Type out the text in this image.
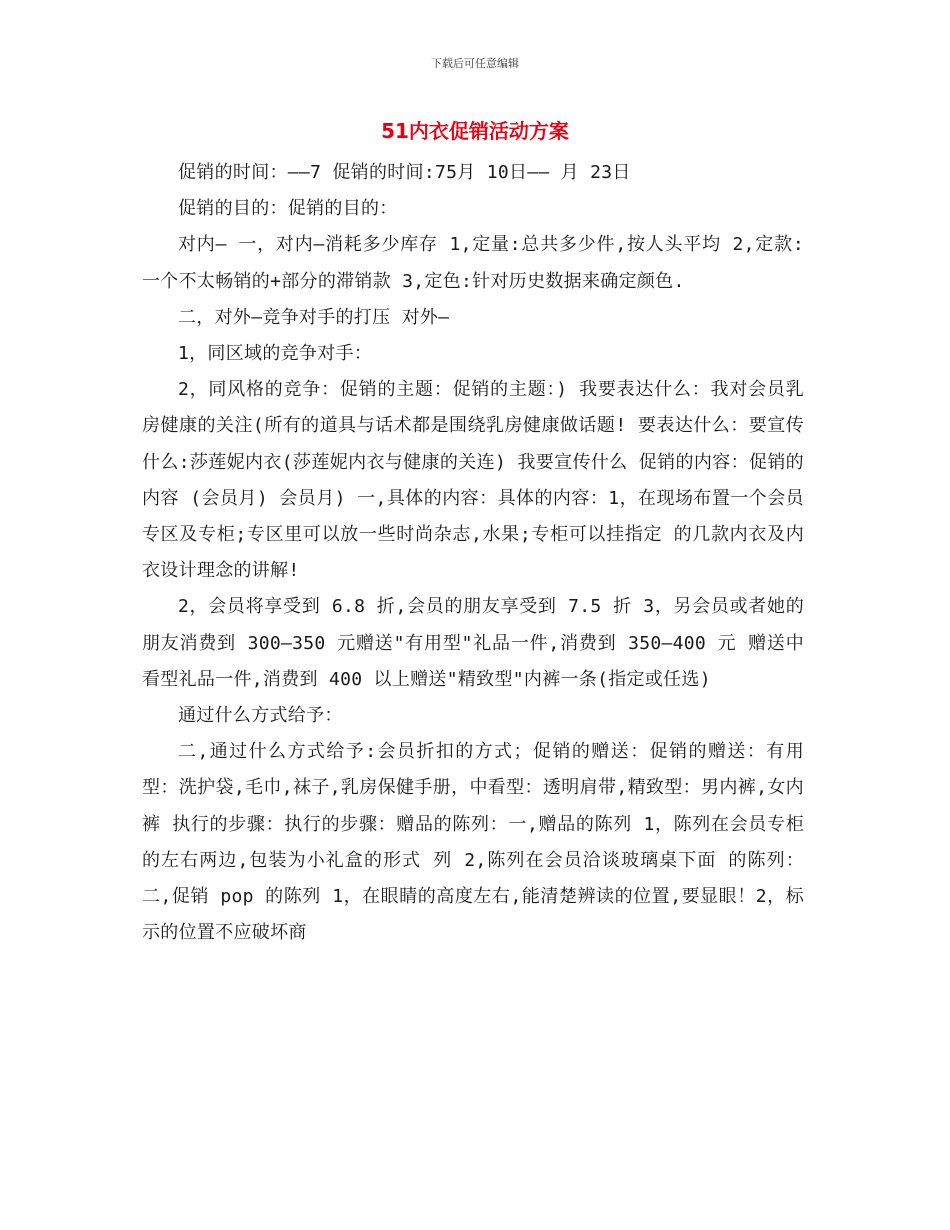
下载后可任意编辑
51内衣促销活动方案

促销的时间：——7 促销的时间:75月 10日—— 月 23日

促销的目的：促销的目的：

对内— 一，对内—消耗多少库存 1,定量:总共多少件,按人头平均 2,定款:一个不太畅销的+部分的滞销款 3,定色:针对历史数据来确定颜色.

二，对外—竞争对手的打压 对外—

1，同区域的竞争对手：

2，同风格的竞争：促销的主题：促销的主题：) 我要表达什么：我对会员乳房健康的关注(所有的道具与话术都是围绕乳房健康做话题! 要表达什么：要宣传什么:莎莲妮内衣(莎莲妮内衣与健康的关连) 我要宣传什么 促销的内容：促销的内容 (会员月) 会员月) 一,具体的内容：具体的内容：1，在现场布置一个会员专区及专柜;专区里可以放一些时尚杂志,水果;专柜可以挂指定 的几款内衣及内衣设计理念的讲解!

2，会员将享受到 6.8 折,会员的朋友享受到 7.5 折 3，另会员或者她的朋友消费到 300—350 元赠送"有用型"礼品一件,消费到 350—400 元 赠送中看型礼品一件,消费到 400 以上赠送"精致型"内裤一条(指定或任选)

通过什么方式给予：

二,通过什么方式给予:会员折扣的方式；促销的赠送：促销的赠送：有用型：洗护袋,毛巾,袜子,乳房保健手册，中看型：透明肩带,精致型：男内裤,女内裤 执行的步骤：执行的步骤：赠品的陈列：一,赠品的陈列 1，陈列在会员专柜的左右两边,包装为小礼盒的形式 列 2,陈列在会员洽谈玻璃桌下面 的陈列：二,促销 pop 的陈列 1，在眼睛的高度左右,能清楚辨读的位置,要显眼！2，标示的位置不应破坏商
